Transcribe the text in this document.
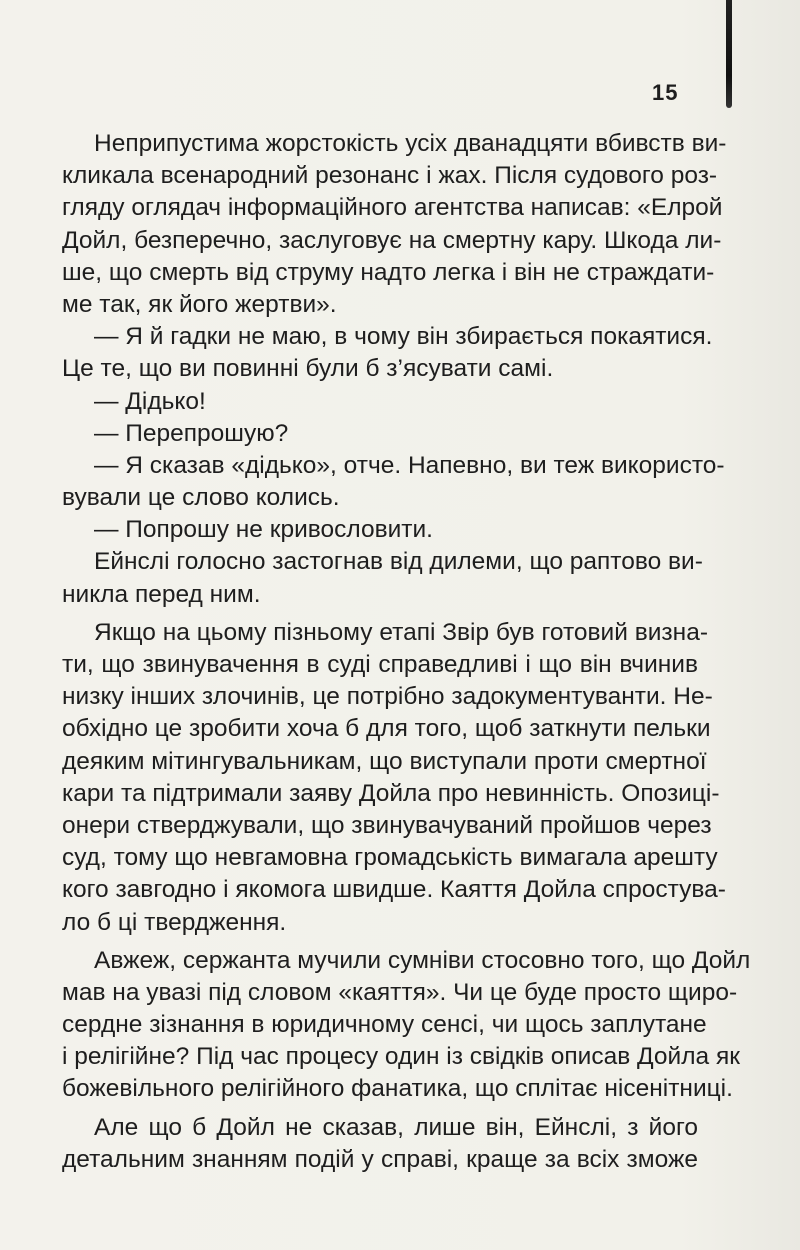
15
Неприпустима жорстокість усіх дванадцяти вбивств ви-
кликала всенародний резонанс і жах. Після судового роз-
гляду оглядач інформаційного агентства написав: «Елрой
Дойл, безперечно, заслуговує на смертну кару. Шкода ли-
ше, що смерть від струму надто легка і він не страждати-
ме так, як його жертви».
— Я й гадки не маю, в чому він збирається покаятися.
Це те, що ви повинні були б з’ясувати самі.
— Дідько!
— Перепрошую?
— Я сказав «дідько», отче. Напевно, ви теж використо-
вували це слово колись.
— Попрошу не кривословити.
Ейнслі голосно застогнав від дилеми, що раптово ви-
никла перед ним.
Якщо на цьому пізньому етапі Звір був готовий визна-
ти, що звинувачення в суді справедливі і що він вчинив
низку інших злочинів, це потрібно задокументуванти. Не-
обхідно це зробити хоча б для того, щоб заткнути пельки
деяким мітингувальникам, що виступали проти смертної
кари та підтримали заяву Дойла про невинність. Опозиці-
онери стверджували, що звинувачуваний пройшов через
суд, тому що невгамовна громадськість вимагала арешту
кого завгодно і якомога швидше. Каяття Дойла спростува-
ло б ці твердження.
Авжеж, сержанта мучили сумніви стосовно того, що Дойл
мав на увазі під словом «каяття». Чи це буде просто щиро-
сердне зізнання в юридичному сенсі, чи щось заплутане
і релігійне? Під час процесу один із свідків описав Дойла як
божевільного релігійного фанатика, що сплітає нісенітниці.
Але що б Дойл не сказав, лише він, Ейнслі, з його
детальним знанням подій у справі, краще за всіх зможе
